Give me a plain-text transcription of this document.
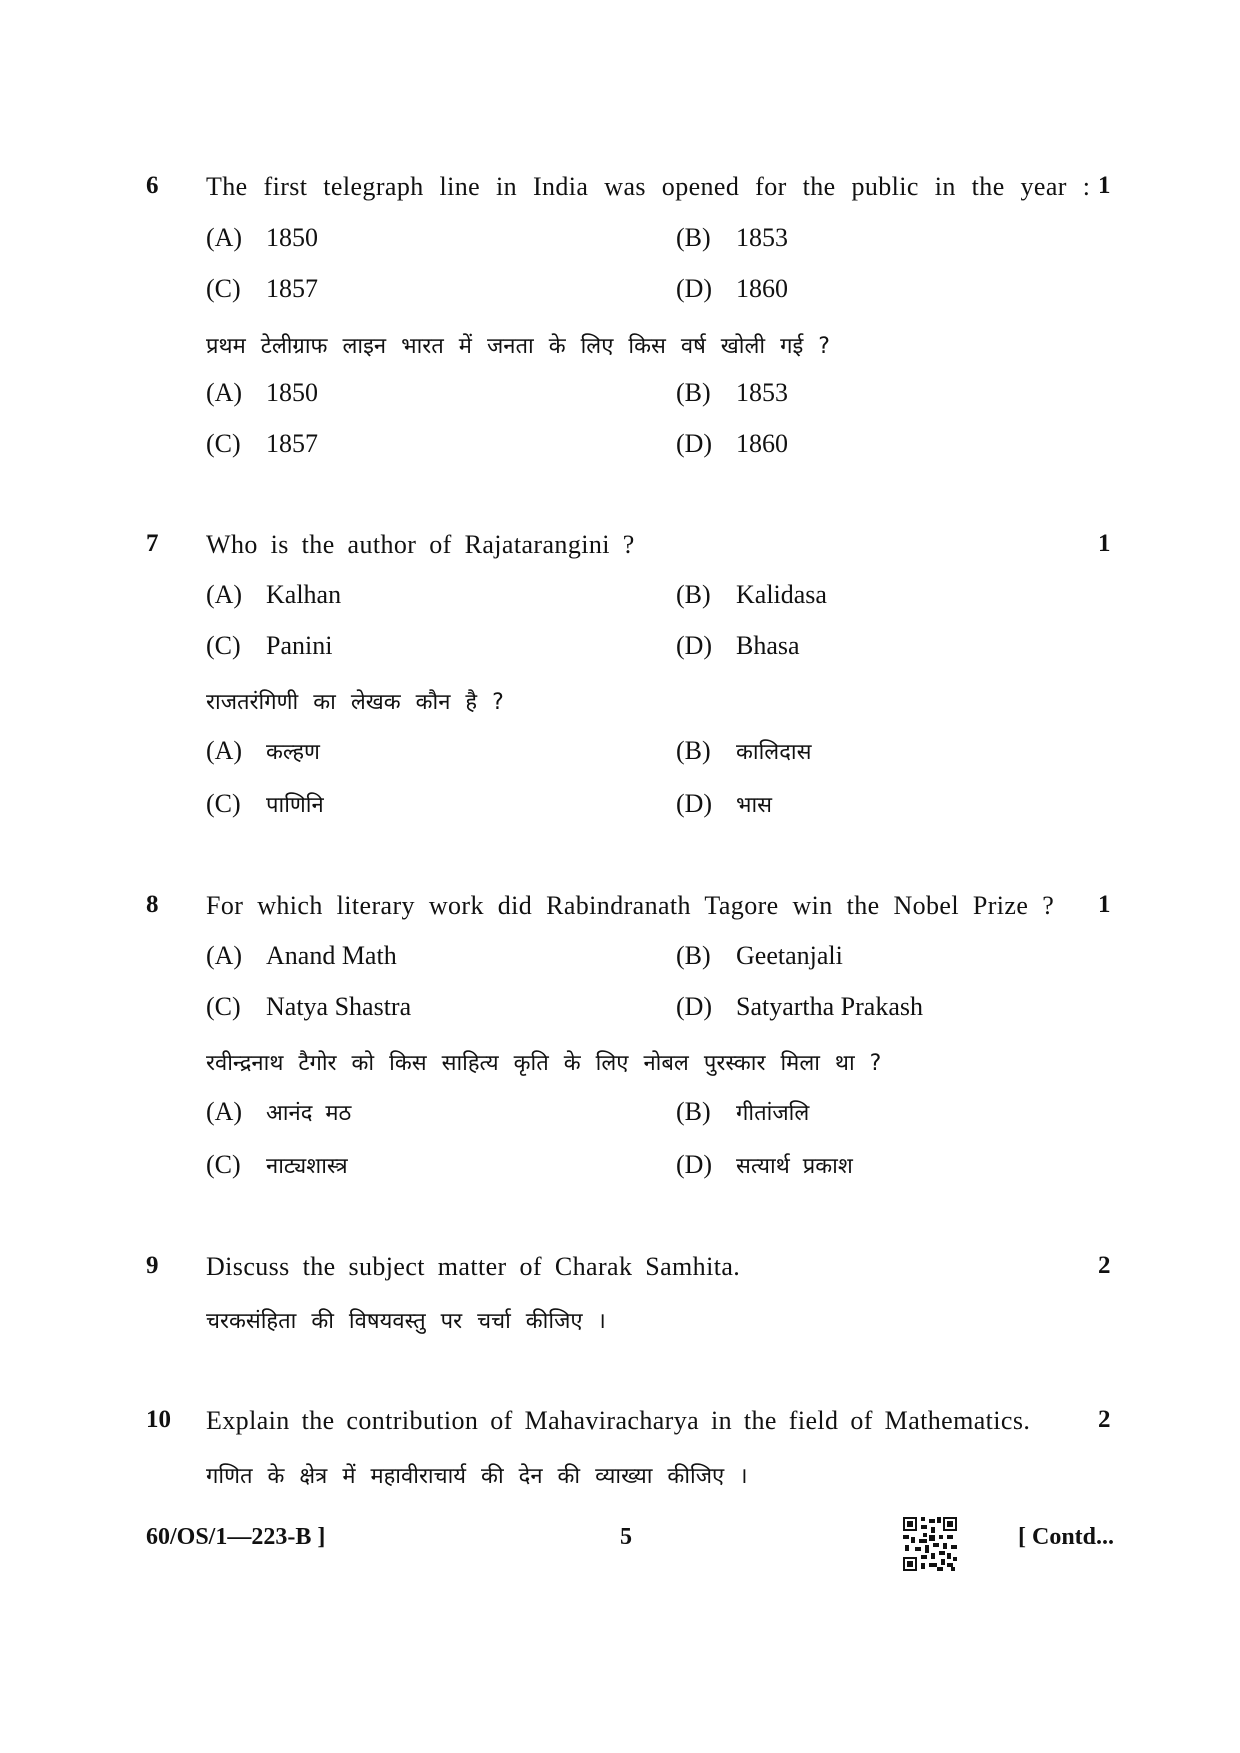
6 The first telegraph line in India was opened for the public in the year : 1
(A) 1850	(B) 1853
(C) 1857	(D) 1860
प्रथम टेलीग्राफ लाइन भारत में जनता के लिए किस वर्ष खोली गई ?
(A) 1850	(B) 1853
(C) 1857	(D) 1860
7 Who is the author of Rajatarangini ?	1
(A) Kalhan	(B) Kalidasa
(C) Panini	(D) Bhasa
राजतरंगिणी का लेखक कौन है ?
(A) कल्हण	(B) कालिदास
(C) पाणिनि	(D) भास
8 For which literary work did Rabindranath Tagore win the Nobel Prize ? 1
(A) Anand Math	(B) Geetanjali
(C) Natya Shastra	(D) Satyartha Prakash
रवीन्द्रनाथ टैगोर को किस साहित्य कृति के लिए नोबल पुरस्कार मिला था ?
(A) आनंद मठ	(B) गीतांजलि
(C) नाट्यशास्त्र	(D) सत्यार्थ प्रकाश
9 Discuss the subject matter of Charak Samhita.	2
चरकसंहिता की विषयवस्तु पर चर्चा कीजिए ।
10 Explain the contribution of Mahaviracharya in the field of Mathematics.	2
गणित के क्षेत्र में महावीराचार्य की देन की व्याख्या कीजिए ।
60/OS/1—223-B ]	5	[ Contd...
